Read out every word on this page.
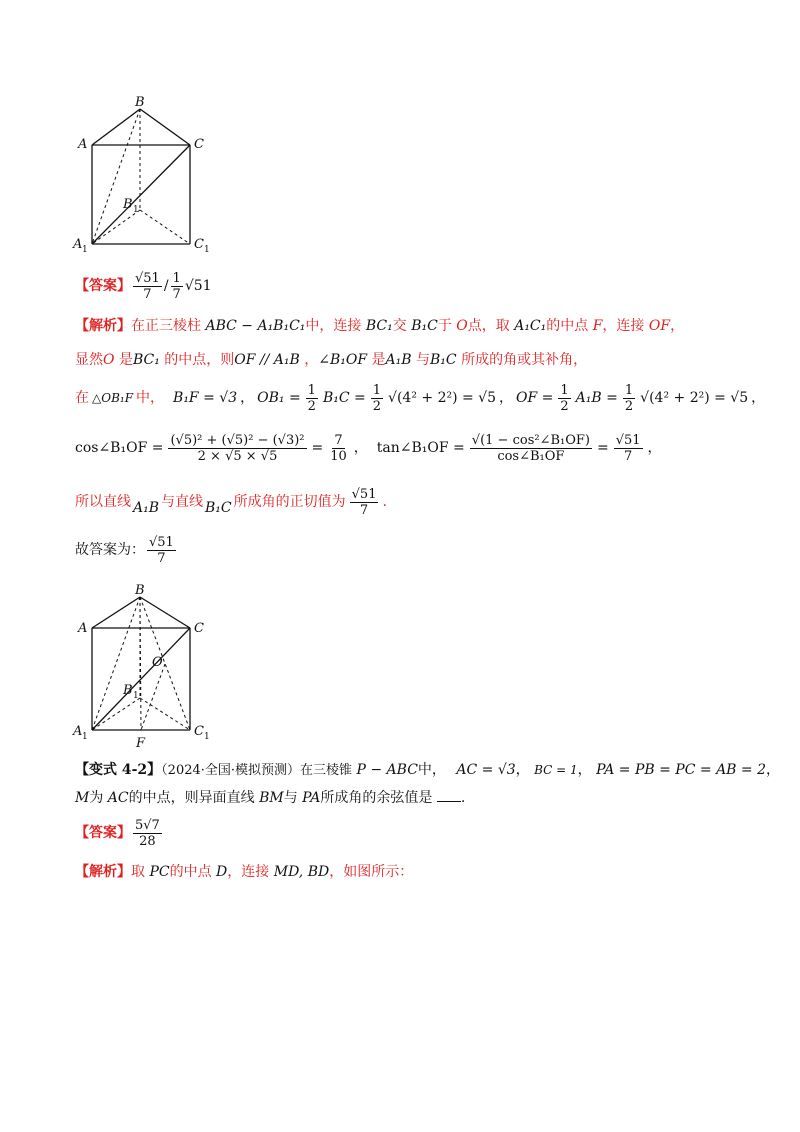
B
A	C
B 1
A 1	C 1
【答案】 $\frac{√51}{7} / \frac{1}{7} √51$
【解析】在正三棱柱 ABC − A₁B₁C₁中，连接 BC₁交 B₁C于 O点，取 A₁C₁的中点 F，连接 OF，
显然O 是BC₁ 的中点，则OF // A₁B ，∠B₁OF 是A₁B 与B₁C 所成的角或其补角，
在 △OB₁F 中， B₁F = √3 ， $OB_1 = \frac{1}{2} B_1C = \frac{1}{2} √(4^2 + 2^2) = √5$ ， OF = $\frac{1}{2} A_1B = \frac{1}{2} √(4^2 + 2^2) = √5$ ，
cos∠B₁OF = $\frac{\text{(√5)² + (√5)² − (√3)²}}{2 \times √5 \times √5} = \frac{7}{10}$ ， tan∠B₁OF = $\frac{\text{√(1 − cos²∠B₁OF)}}{\text{cos∠B₁OF}} = \frac{√51}{7}$ ，
所以直线 A₁B 与直线 B₁C 所成角的正切值为 $\frac{√51}{7}$ .
故答案为： $\frac{√51}{7}$
B
A	C
O
B 1
A 1	C 1
F
【变式 4-2】（2024·全国·模拟预测）在三棱锥 P − ABC中， AC = √3， BC = 1， PA = PB = PC = AB = 2，
M为 AC的中点，则异面直线 BM与 PA所成角的余弦值是 .
【答案】 $\frac{5√7}{28}$
【解析】取 PC的中点 D，连接 MD, BD，如图所示：
